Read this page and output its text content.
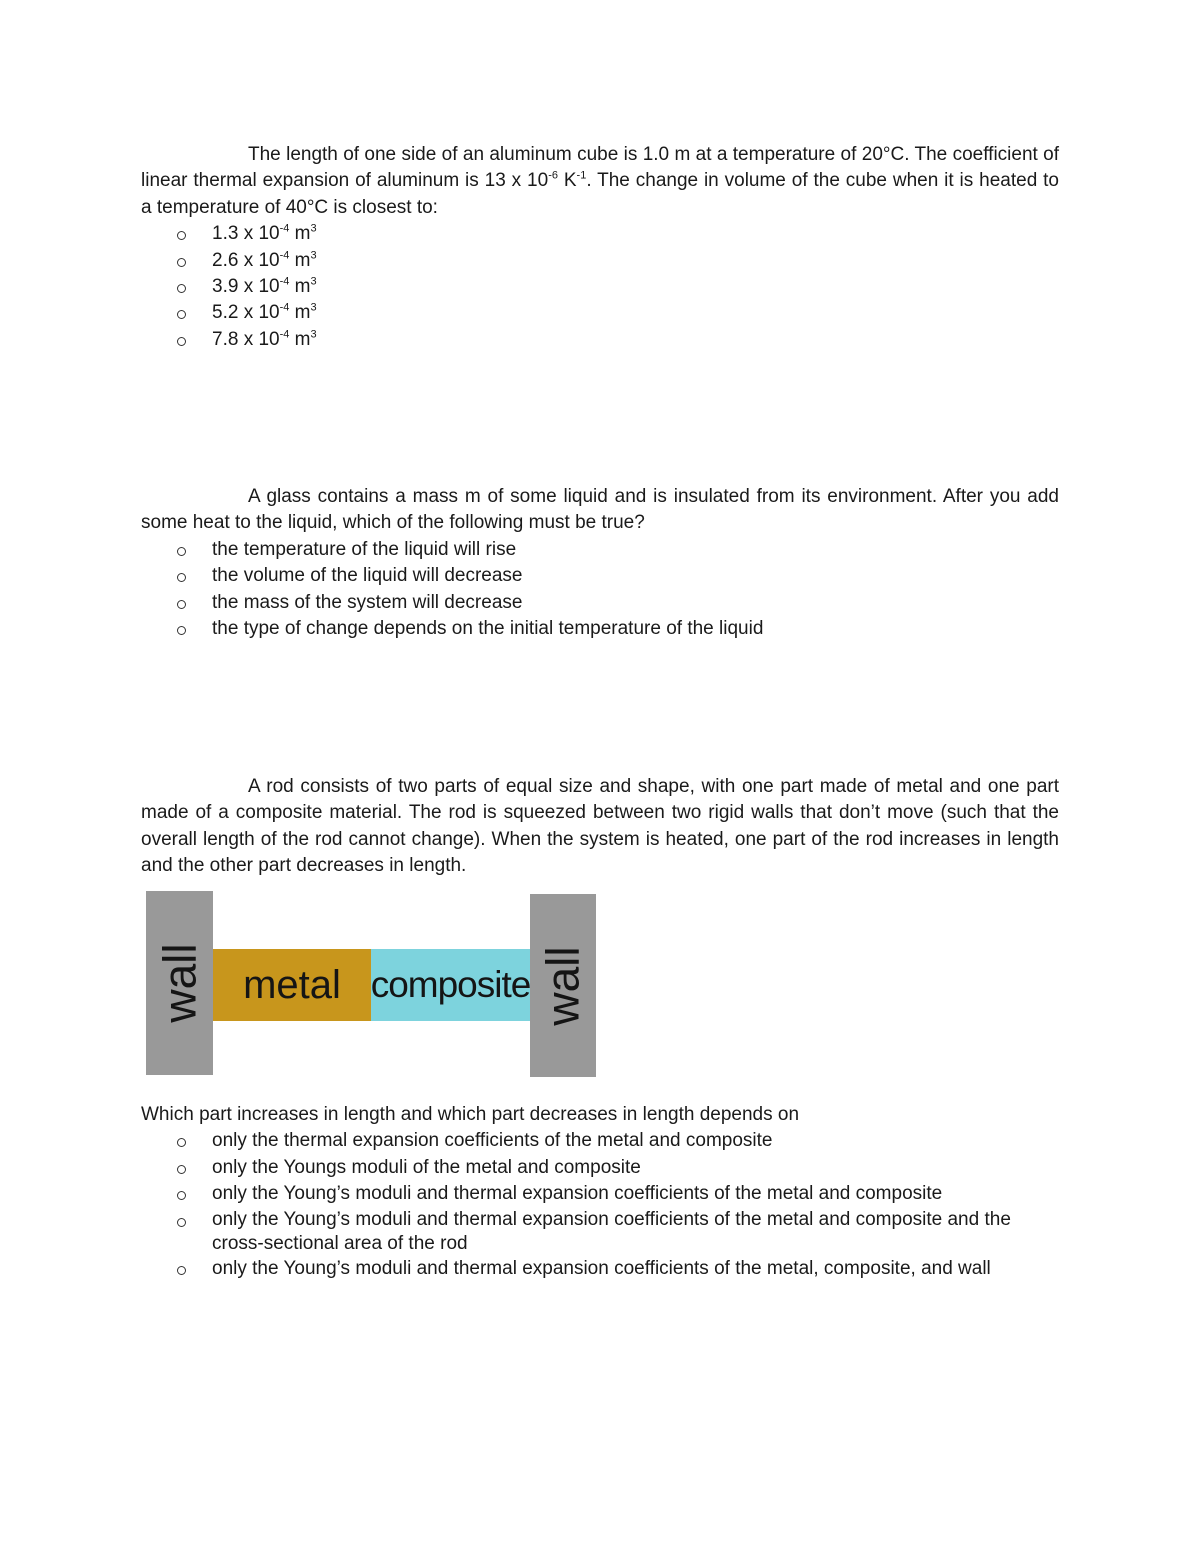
The length of one side of an aluminum cube is 1.0 m at a temperature of 20°C. The coefficient of linear thermal expansion of aluminum is 13 x $10^{-6}$ $K^{-1}$. The change in volume of the cube when it is heated to a temperature of 40°C is closest to:

1.3 x $10^{-4}$ $m^3$
2.6 x $10^{-4}$ $m^3$
3.9 x $10^{-4}$ $m^3$
5.2 x $10^{-4}$ $m^3$
7.8 x $10^{-4}$ $m^3$

A glass contains a mass m of some liquid and is insulated from its environment. After you add some heat to the liquid, which of the following must be true?

the temperature of the liquid will rise
the volume of the liquid will decrease
the mass of the system will decrease
the type of change depends on the initial temperature of the liquid

A rod consists of two parts of equal size and shape, with one part made of metal and one part made of a composite material. The rod is squeezed between two rigid walls that don’t move (such that the overall length of the rod cannot change). When the system is heated, one part of the rod increases in length and the other part decreases in length.

wall metal composite wall

Which part increases in length and which part decreases in length depends on

only the thermal expansion coefficients of the metal and composite
only the Youngs moduli of the metal and composite
only the Young’s moduli and thermal expansion coefficients of the metal and composite
only the Young’s moduli and thermal expansion coefficients of the metal and composite and the cross-sectional area of the rod
only the Young’s moduli and thermal expansion coefficients of the metal, composite, and wall
